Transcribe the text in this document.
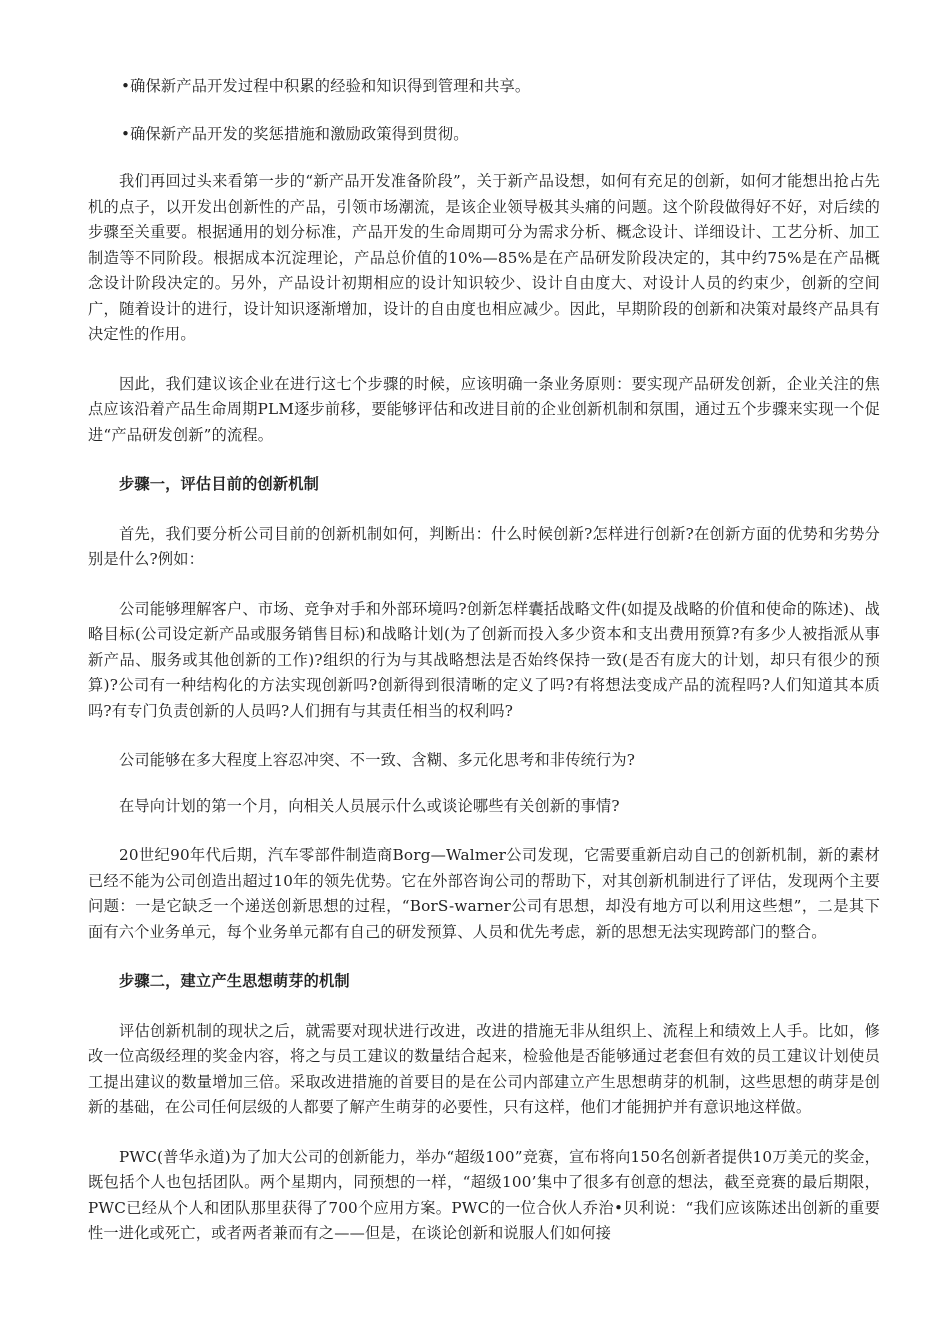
•确保新产品开发过程中积累的经验和知识得到管理和共享。
•确保新产品开发的奖惩措施和激励政策得到贯彻。

我们再回过头来看第一步的“新产品开发准备阶段”，关于新产品设想，如何有充足的创新，如何才能想出抢占先机的点子，以开发出创新性的产品，引领市场潮流，是该企业领导极其头痛的问题。这个阶段做得好不好，对后续的步骤至关重要。根据通用的划分标准，产品开发的生命周期可分为需求分析、概念设计、详细设计、工艺分析、加工制造等不同阶段。根据成本沉淀理论，产品总价值的10%—85%是在产品研发阶段决定的，其中约75%是在产品概念设计阶段决定的。另外，产品设计初期相应的设计知识较少、设计自由度大、对设计人员的约束少，创新的空间广，随着设计的进行，设计知识逐渐增加，设计的自由度也相应减少。因此，早期阶段的创新和决策对最终产品具有决定性的作用。

因此，我们建议该企业在进行这七个步骤的时候，应该明确一条业务原则：要实现产品研发创新，企业关注的焦点应该沿着产品生命周期PLM逐步前移，要能够评估和改进目前的企业创新机制和氛围，通过五个步骤来实现一个促进“产品研发创新”的流程。

步骤一，评估目前的创新机制

首先，我们要分析公司目前的创新机制如何，判断出：什么时候创新?怎样进行创新?在创新方面的优势和劣势分别是什么?例如：

公司能够理解客户、市场、竞争对手和外部环境吗?创新怎样囊括战略文件(如提及战略的价值和使命的陈述)、战略目标(公司设定新产品或服务销售目标)和战略计划(为了创新而投入多少资本和支出费用预算?有多少人被指派从事新产品、服务或其他创新的工作)?组织的行为与其战略想法是否始终保持一致(是否有庞大的计划，却只有很少的预算)?公司有一种结构化的方法实现创新吗?创新得到很清晰的定义了吗?有将想法变成产品的流程吗?人们知道其本质吗?有专门负责创新的人员吗?人们拥有与其责任相当的权利吗?

公司能够在多大程度上容忍冲突、不一致、含糊、多元化思考和非传统行为?

在导向计划的第一个月，向相关人员展示什么或谈论哪些有关创新的事情?

20世纪90年代后期，汽车零部件制造商Borg—Walmer公司发现，它需要重新启动自己的创新机制，新的素材已经不能为公司创造出超过10年的领先优势。它在外部咨询公司的帮助下，对其创新机制进行了评估，发现两个主要问题：一是它缺乏一个递送创新思想的过程，“BorS-warner公司有思想，却没有地方可以利用这些想”，二是其下面有六个业务单元，每个业务单元都有自己的研发预算、人员和优先考虑，新的思想无法实现跨部门的整合。

步骤二，建立产生思想萌芽的机制

评估创新机制的现状之后，就需要对现状进行改进，改进的措施无非从组织上、流程上和绩效上人手。比如，修改一位高级经理的奖金内容，将之与员工建议的数量结合起来，检验他是否能够通过老套但有效的员工建议计划使员工提出建议的数量增加三倍。采取改进措施的首要目的是在公司内部建立产生思想萌芽的机制，这些思想的萌芽是创新的基础，在公司任何层级的人都要了解产生萌芽的必要性，只有这样，他们才能拥护并有意识地这样做。

PWC(普华永道)为了加大公司的创新能力，举办“超级100”竞赛，宣布将向150名创新者提供10万美元的奖金，既包括个人也包括团队。两个星期内，同预想的一样，“超级100’集中了很多有创意的想法，截至竞赛的最后期限，PWC已经从个人和团队那里获得了700个应用方案。PWC的一位合伙人乔治•贝利说：“我们应该陈述出创新的重要性一进化或死亡，或者两者兼而有之——但是，在谈论创新和说服人们如何接
